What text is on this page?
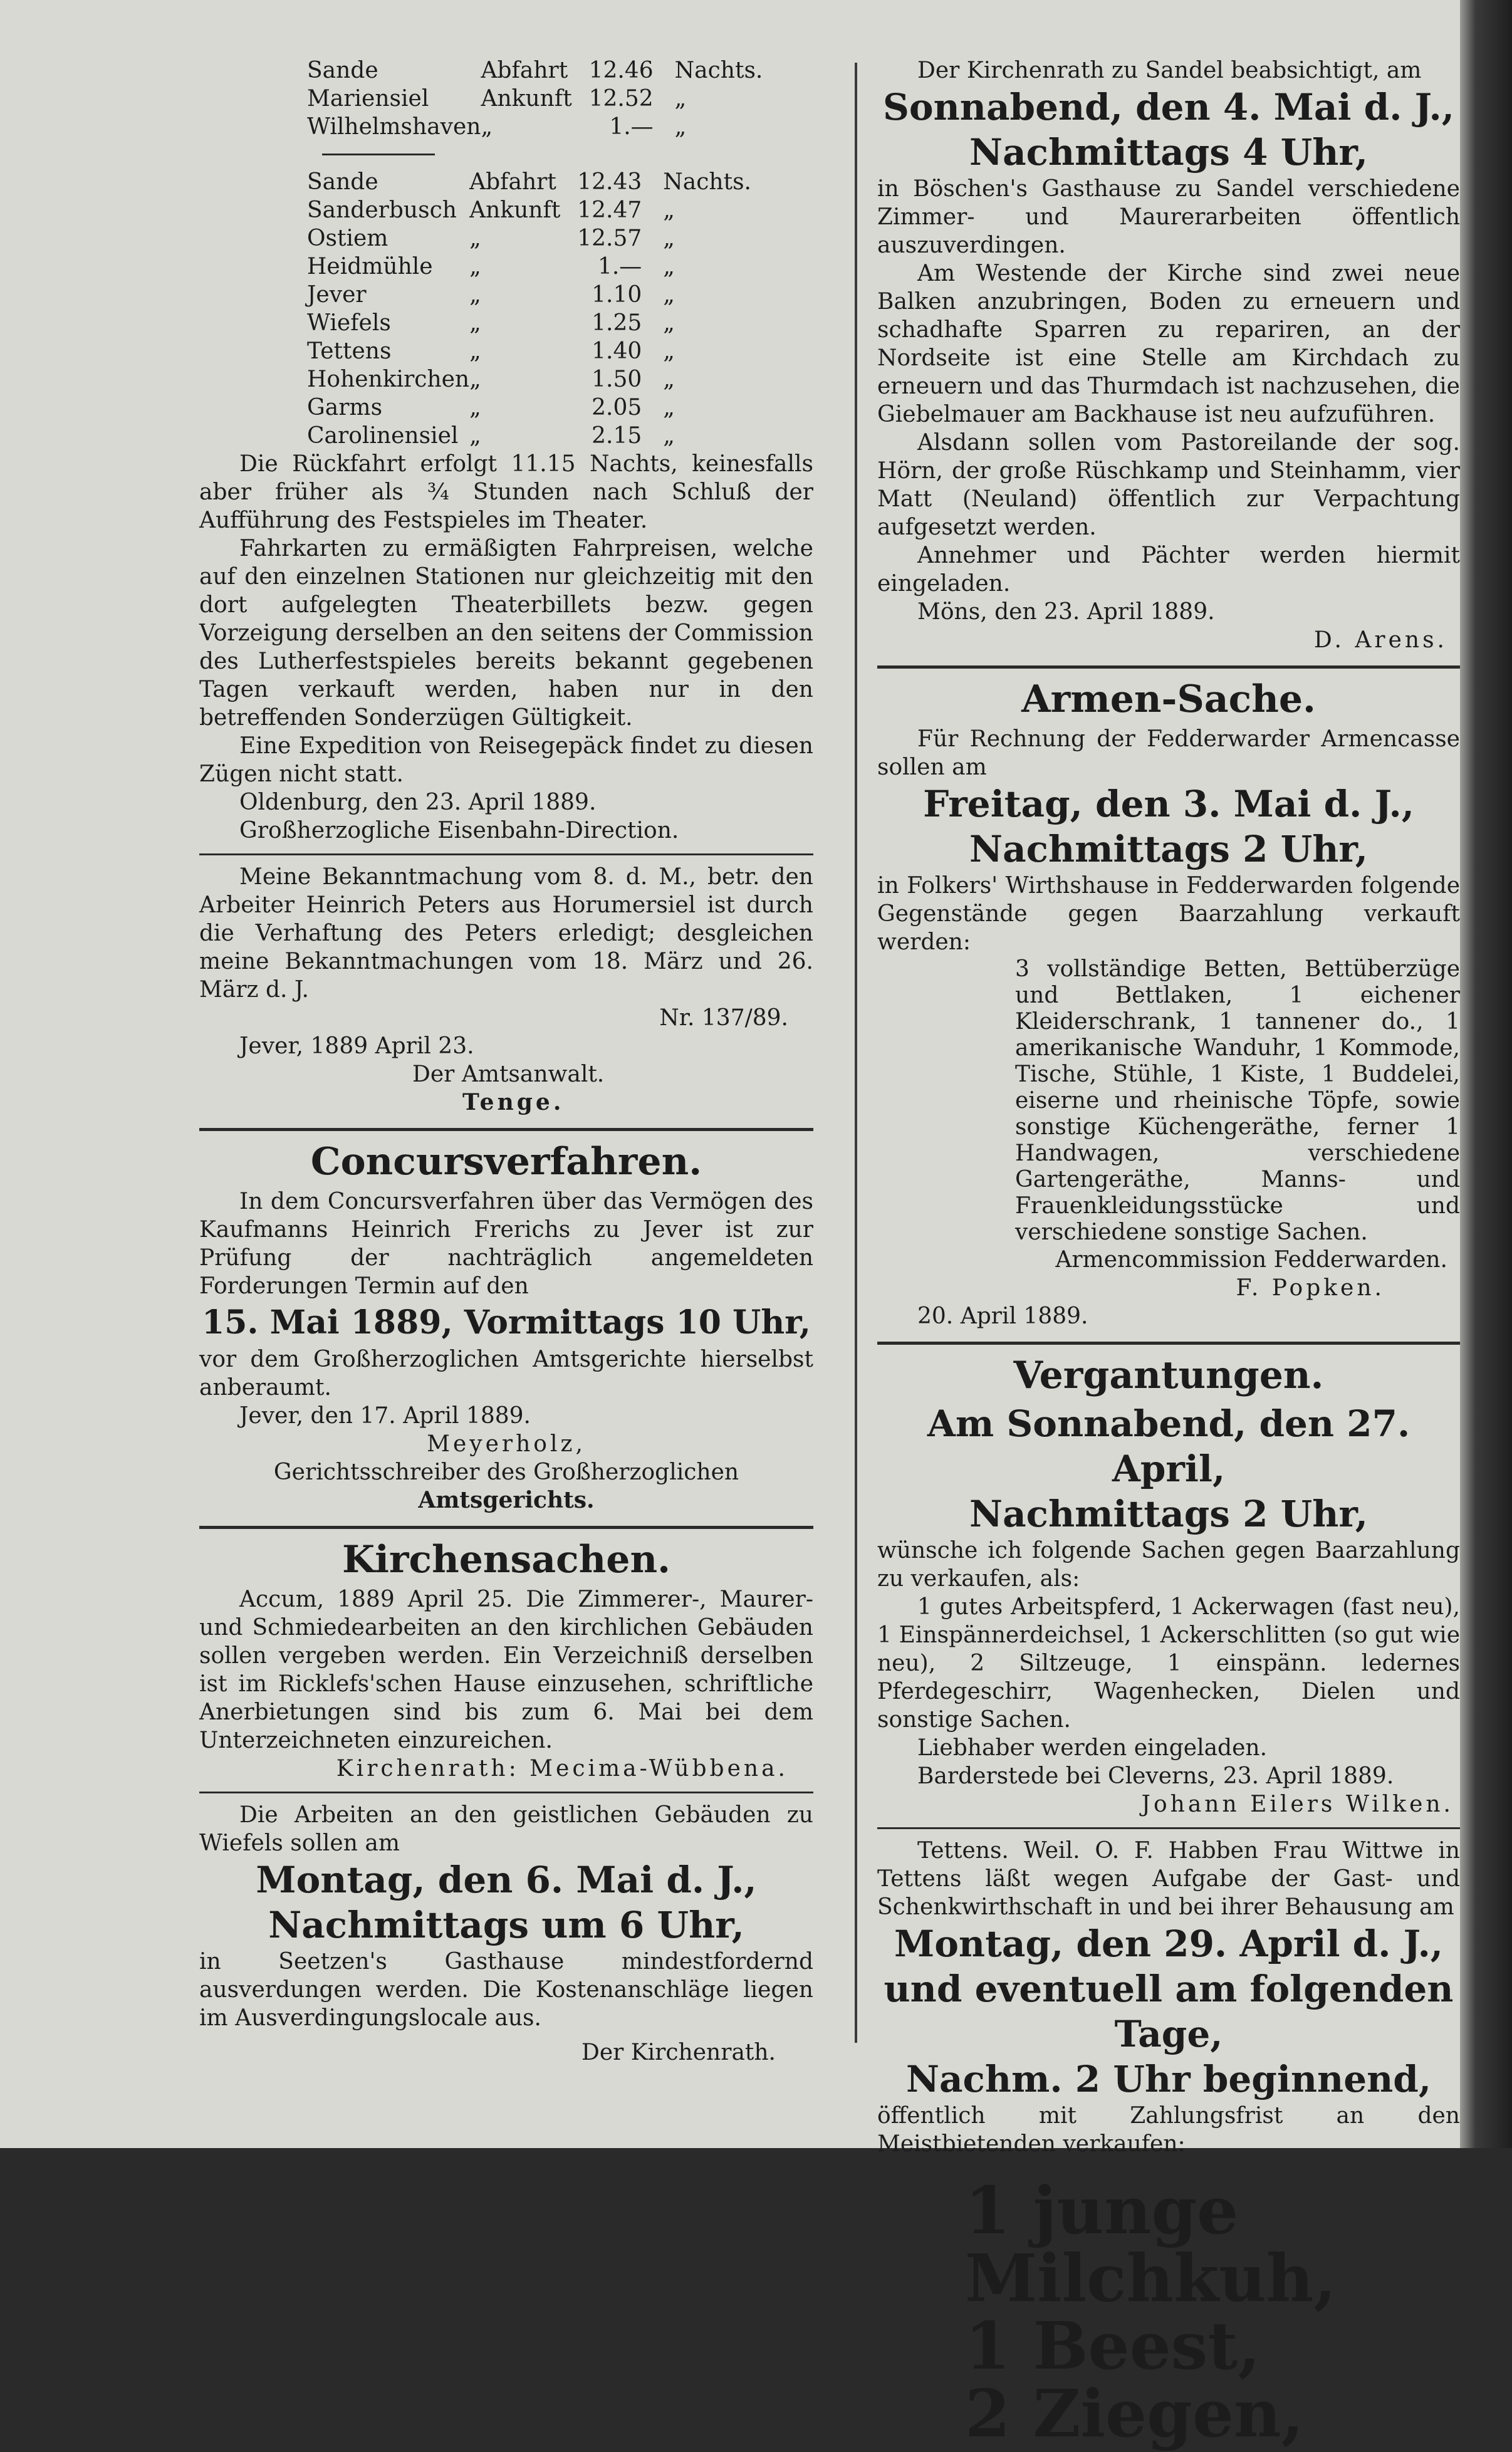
Sande	Abfahrt	12.46	Nachts.
Mariensiel	Ankunft	12.52	„
Wilhelmshaven	„	1.—	„
Sande	Abfahrt	12.43	Nachts.
Sanderbusch	Ankunft	12.47	„
Ostiem	„	12.57	„
Heidmühle	„	1.—	„
Jever	„	1.10	„
Wiefels	„	1.25	„
Tettens	„	1.40	„
Hohenkirchen	„	1.50	„
Garms	„	2.05	„
Carolinensiel	„	2.15	„

Die Rückfahrt erfolgt 11.15 Nachts, keinesfalls aber früher als ¾ Stunden nach Schluß der Aufführung des Festspieles im Theater.

Fahrkarten zu ermäßigten Fahrpreisen, welche auf den einzelnen Stationen nur gleichzeitig mit den dort aufgelegten Theaterbillets bezw. gegen Vorzeigung derselben an den seitens der Commission des Lutherfestspieles bereits bekannt gegebenen Tagen verkauft werden, haben nur in den betreffenden Sonderzügen Gültigkeit.

Eine Expedition von Reisegepäck findet zu diesen Zügen nicht statt.

Oldenburg, den 23. April 1889.

Großherzogliche Eisenbahn-Direction.

Meine Bekanntmachung vom 8. d. M., betr. den Arbeiter Heinrich Peters aus Horumersiel ist durch die Verhaftung des Peters erledigt; desgleichen meine Bekanntmachungen vom 18. März und 26. März d. J.

Nr. 137/89.

Jever, 1889 April 23.

Der Amtsanwalt.

Tenge.

Concursverfahren.

In dem Concursverfahren über das Vermögen des Kaufmanns Heinrich Frerichs zu Jever ist zur Prüfung der nachträglich angemeldeten Forderungen Termin auf den

15. Mai 1889, Vormittags 10 Uhr,

vor dem Großherzoglichen Amtsgerichte hierselbst anberaumt.

Jever, den 17. April 1889.

Meyerholz,

Gerichtsschreiber des Großherzoglichen

Amtsgerichts.

Kirchensachen.

Accum, 1889 April 25. Die Zimmerer-, Maurer- und Schmiedearbeiten an den kirchlichen Gebäuden sollen vergeben werden. Ein Verzeichniß derselben ist im Ricklefs'schen Hause einzusehen, schriftliche Anerbietungen sind bis zum 6. Mai bei dem Unterzeichneten einzureichen.

Kirchenrath: Mecima-Wübbena.

Die Arbeiten an den geistlichen Gebäuden zu Wiefels sollen am

Montag, den 6. Mai d. J.,

Nachmittags um 6 Uhr,

in Seetzen's Gasthause mindestfordernd ausverdungen werden. Die Kostenanschläge liegen im Ausverdingungslocale aus.

Der Kirchenrath.

Der Kirchenrath zu Sandel beabsichtigt, am

Sonnabend, den 4. Mai d. J.,

Nachmittags 4 Uhr,

in Böschen's Gasthause zu Sandel verschiedene Zimmer- und Maurerarbeiten öffentlich auszuverdingen.

Am Westende der Kirche sind zwei neue Balken anzubringen, Boden zu erneuern und schadhafte Sparren zu repariren, an der Nordseite ist eine Stelle am Kirchdach zu erneuern und das Thurmdach ist nachzusehen, die Giebelmauer am Backhause ist neu aufzuführen.

Alsdann sollen vom Pastoreilande der sog. Hörn, der große Rüschkamp und Steinhamm, vier Matt (Neuland) öffentlich zur Verpachtung aufgesetzt werden.

Annehmer und Pächter werden hiermit eingeladen.

Möns, den 23. April 1889.

D. Arens.

Armen-Sache.

Für Rechnung der Fedderwarder Armencasse sollen am

Freitag, den 3. Mai d. J.,

Nachmittags 2 Uhr,

in Folkers' Wirthshause in Fedderwarden folgende Gegenstände gegen Baarzahlung verkauft werden:

3 vollständige Betten, Bettüberzüge und Bettlaken, 1 eichener Kleiderschrank, 1 tannener do., 1 amerikanische Wanduhr, 1 Kommode, Tische, Stühle, 1 Kiste, 1 Buddelei, eiserne und rheinische Töpfe, sowie sonstige Küchengeräthe, ferner 1 Handwagen, verschiedene Gartengeräthe, Manns- und Frauenkleidungsstücke und verschiedene sonstige Sachen.

Armencommission Fedderwarden.

F. Popken.

20. April 1889.

Vergantungen.

Am Sonnabend, den 27. April,

Nachmittags 2 Uhr,

wünsche ich folgende Sachen gegen Baarzahlung zu verkaufen, als:

1 gutes Arbeitspferd, 1 Ackerwagen (fast neu), 1 Einspännerdeichsel, 1 Ackerschlitten (so gut wie neu), 2 Siltzeuge, 1 einspänn. ledernes Pferdegeschirr, Wagenhecken, Dielen und sonstige Sachen.

Liebhaber werden eingeladen.

Barderstede bei Cleverns, 23. April 1889.

Johann Eilers Wilken.

Tettens. Weil. O. F. Habben Frau Wittwe in Tettens läßt wegen Aufgabe der Gast- und Schenkwirthschaft in und bei ihrer Behausung am

Montag, den 29. April d. J.,

und eventuell am folgenden Tage,

Nachm. 2 Uhr beginnend,

öffentlich mit Zahlungsfrist an den Meistbietenden verkaufen:

1 junge Milchkuh,

1 Beest,

2 Ziegen,
